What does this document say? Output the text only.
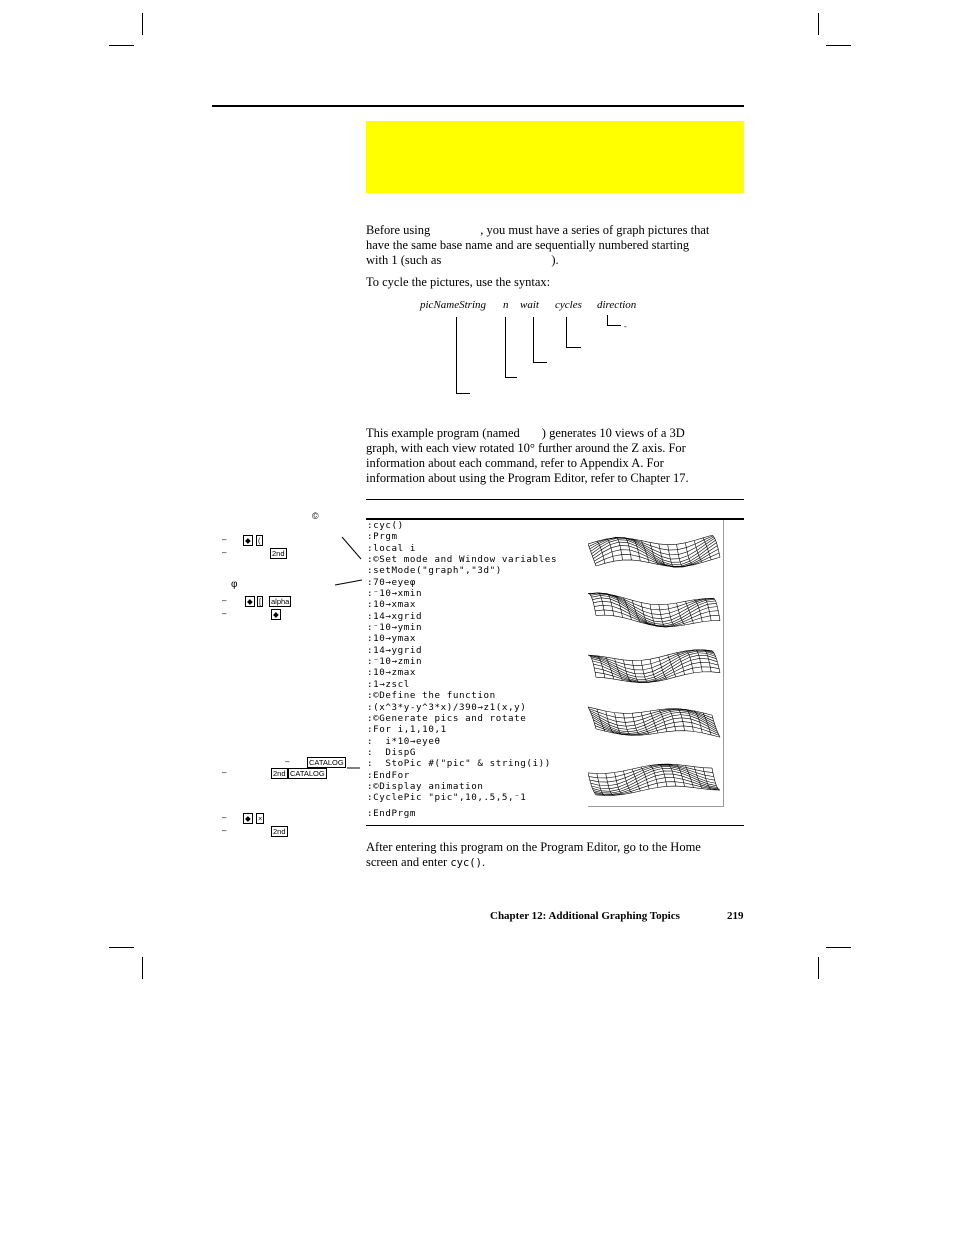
Before using	, you must have a series of graph pictures that
have the same base name and are sequentially numbered starting
with 1 (such as	).
To cycle the pictures, use the syntax:
picNameString n wait cycles direction
-
This example program (named ) generates 10 views of a 3D
graph, with each view rotated 10° further around the Z axis. For
information about each command, refer to Appendix A. For
information about using the Program Editor, refer to Chapter 17.
:cyc()
:Prgm
:local i
:©Set mode and Window variables
:setMode("graph","3d")
:70→eyeφ
:⁻10→xmin
:10→xmax
:14→xgrid
:⁻10→ymin
:10→ymax
:14→ygrid
:⁻10→zmin
:10→zmax
:1→zscl
:©Define the function
:(x^3*y-y^3*x)/390→z1(x,y)
:©Generate pics and rotate
:For i,1,10,1
:  i*10→eyeθ
:  DispG
:  StoPic #("pic" & string(i))
:EndFor
:©Display animation
:CyclePic "pic",10,.5,5,⁻1

:EndPrgm
©
– ◆ (
–	2nd
φ
–	◆ [ alpha
–	◆
–	CATALOG
–	2nd CATALOG
– ◆ ×
–	2nd
After entering this program on the Program Editor, go to the Home
screen and enter cyc().
Chapter 12: Additional Graphing Topics	219
